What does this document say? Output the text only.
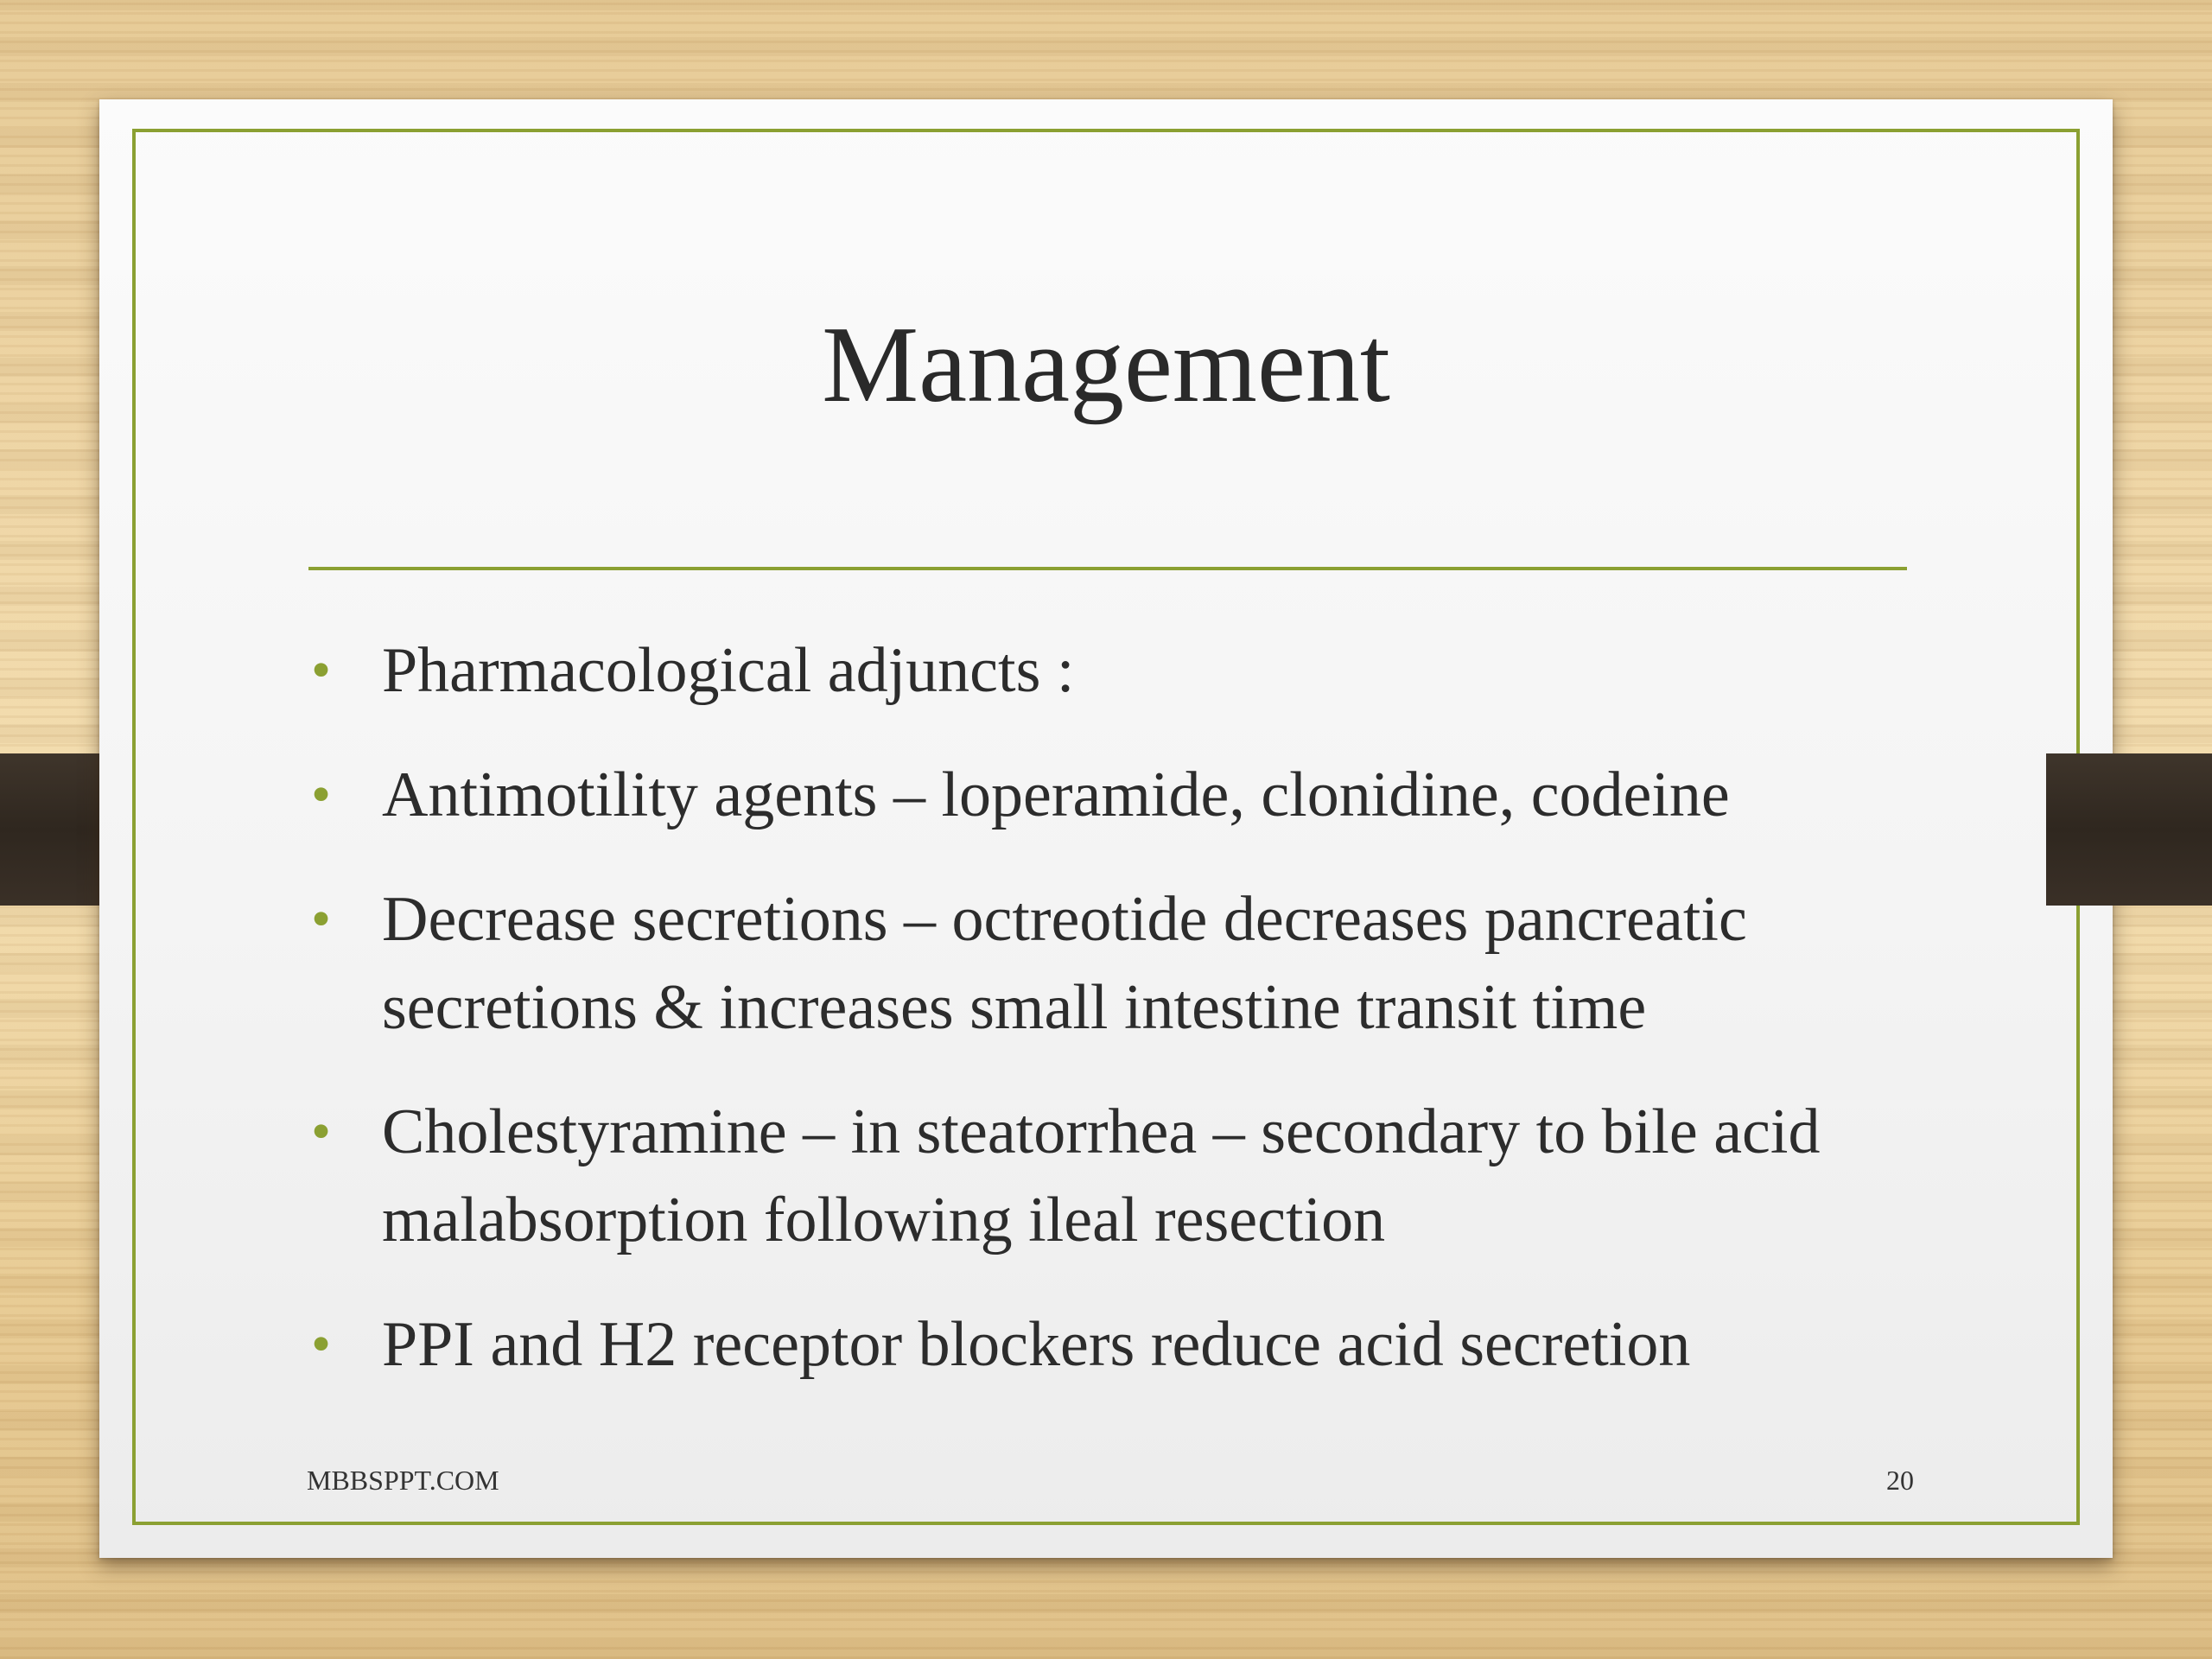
Management
• Pharmacological adjuncts :
• Antimotility agents – loperamide, clonidine, codeine
• Decrease secretions – octreotide decreases pancreatic secretions & increases small intestine transit time
• Cholestyramine – in steatorrhea – secondary to bile acid malabsorption following ileal resection
• PPI and H2 receptor blockers reduce acid secretion
MBBSPPT.COM	20
